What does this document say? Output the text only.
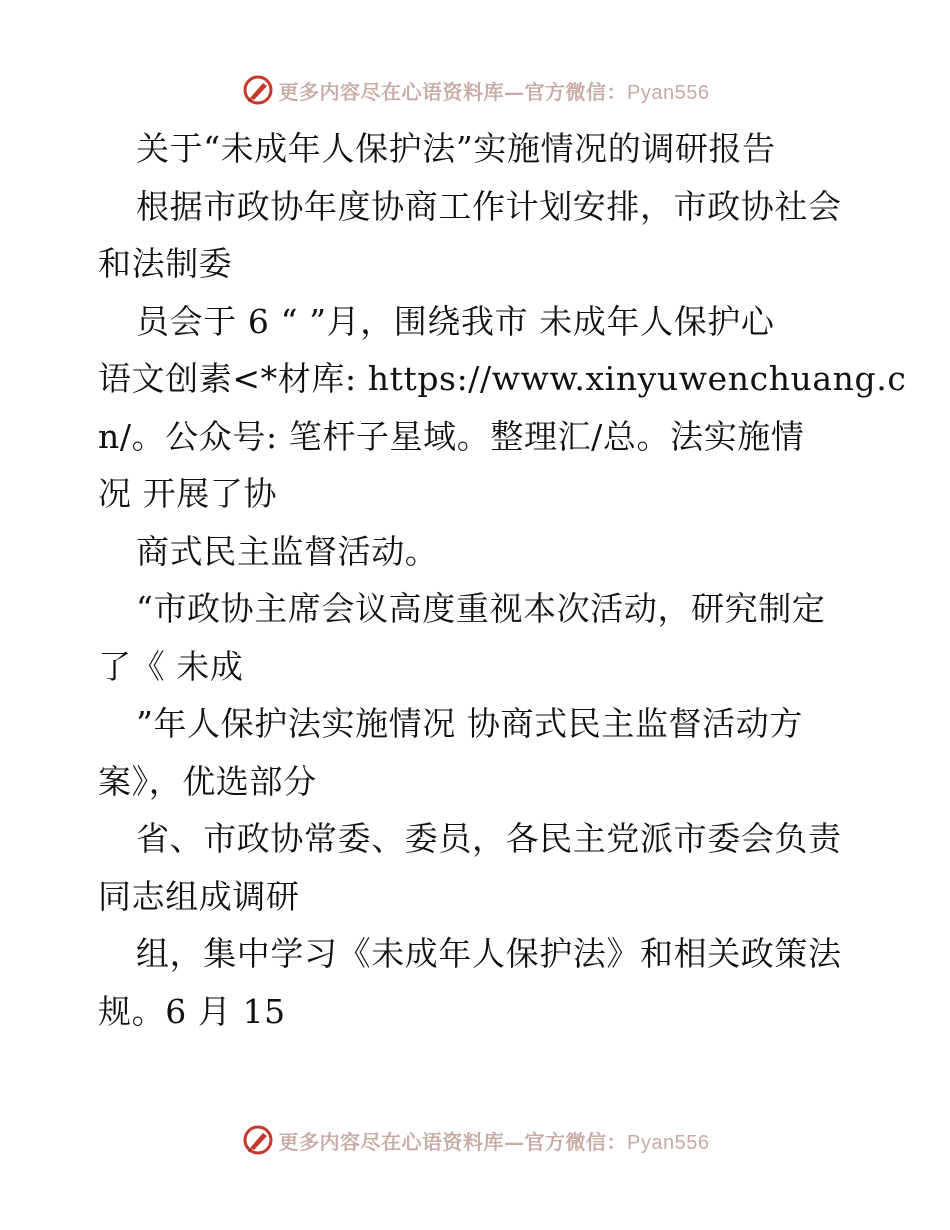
更多内容尽在心语资料库—官方微信：Pyan556

关于“未成年人保护法”实施情况的调研报告

根据市政协年度协商工作计划安排，市政协社会

和法制委

员会于 6 “ ”月，围绕我市 未成年人保护心

语文创素<*材库: https://www.xinyuwenchuang.c

n/。公众号: 笔杆子星域。整理汇/总。法实施情

况 开展了协

商式民主监督活动。

“市政协主席会议高度重视本次活动，研究制定

了《 未成

”年人保护法实施情况 协商式民主监督活动方

案》，优选部分

省、市政协常委、委员，各民主党派市委会负责

同志组成调研

组，集中学习《未成年人保护法》和相关政策法

规。6 月 15

更多内容尽在心语资料库—官方微信：Pyan556
